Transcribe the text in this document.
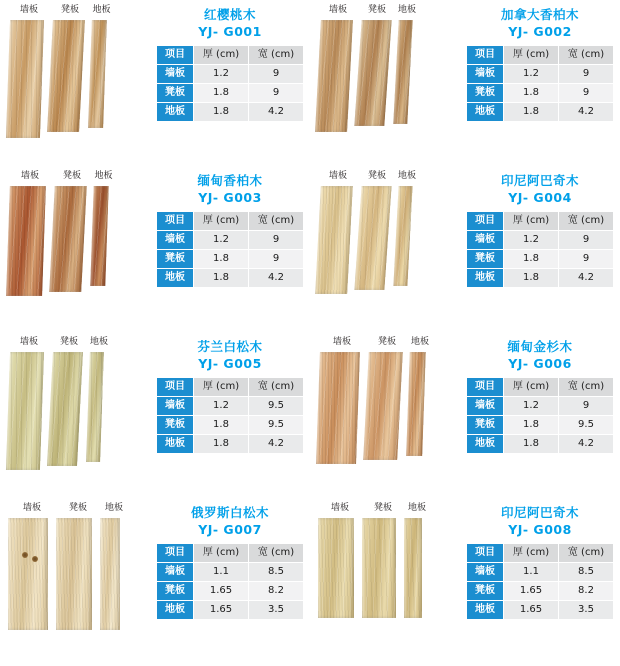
墙板	凳板	地板	红樱桃木
YJ- G001
项目	厚 (cm)	宽 (cm)
墙板	1.2	9
凳板	1.8	9
地板	1.8	4.2
墙板	凳板	地板	加拿大香柏木
YJ- G002
项目	厚 (cm)	宽 (cm)
墙板	1.2	9
凳板	1.8	9
地板	1.8	4.2
墙板	凳板	地板	缅甸香柏木
YJ- G003
项目	厚 (cm)	宽 (cm)
墙板	1.2	9
凳板	1.8	9
地板	1.8	4.2
墙板	凳板	地板	印尼阿巴奇木
YJ- G004
项目	厚 (cm)	宽 (cm)
墙板	1.2	9
凳板	1.8	9
地板	1.8	4.2
墙板	凳板	地板	芬兰白松木
YJ- G005
项目	厚 (cm)	宽 (cm)
墙板	1.2	9.5
凳板	1.8	9.5
地板	1.8	4.2
墙板	凳板	地板	缅甸金杉木
YJ- G006
项目	厚 (cm)	宽 (cm)
墙板	1.2	9
凳板	1.8	9.5
地板	1.8	4.2
墙板	凳板	地板	俄罗斯白松木
YJ- G007
项目	厚 (cm)	宽 (cm)
墙板	1.1	8.5
凳板	1.65	8.2
地板	1.65	3.5
墙板	凳板	地板	印尼阿巴奇木
YJ- G008
项目	厚 (cm)	宽 (cm)
墙板	1.1	8.5
凳板	1.65	8.2
地板	1.65	3.5
